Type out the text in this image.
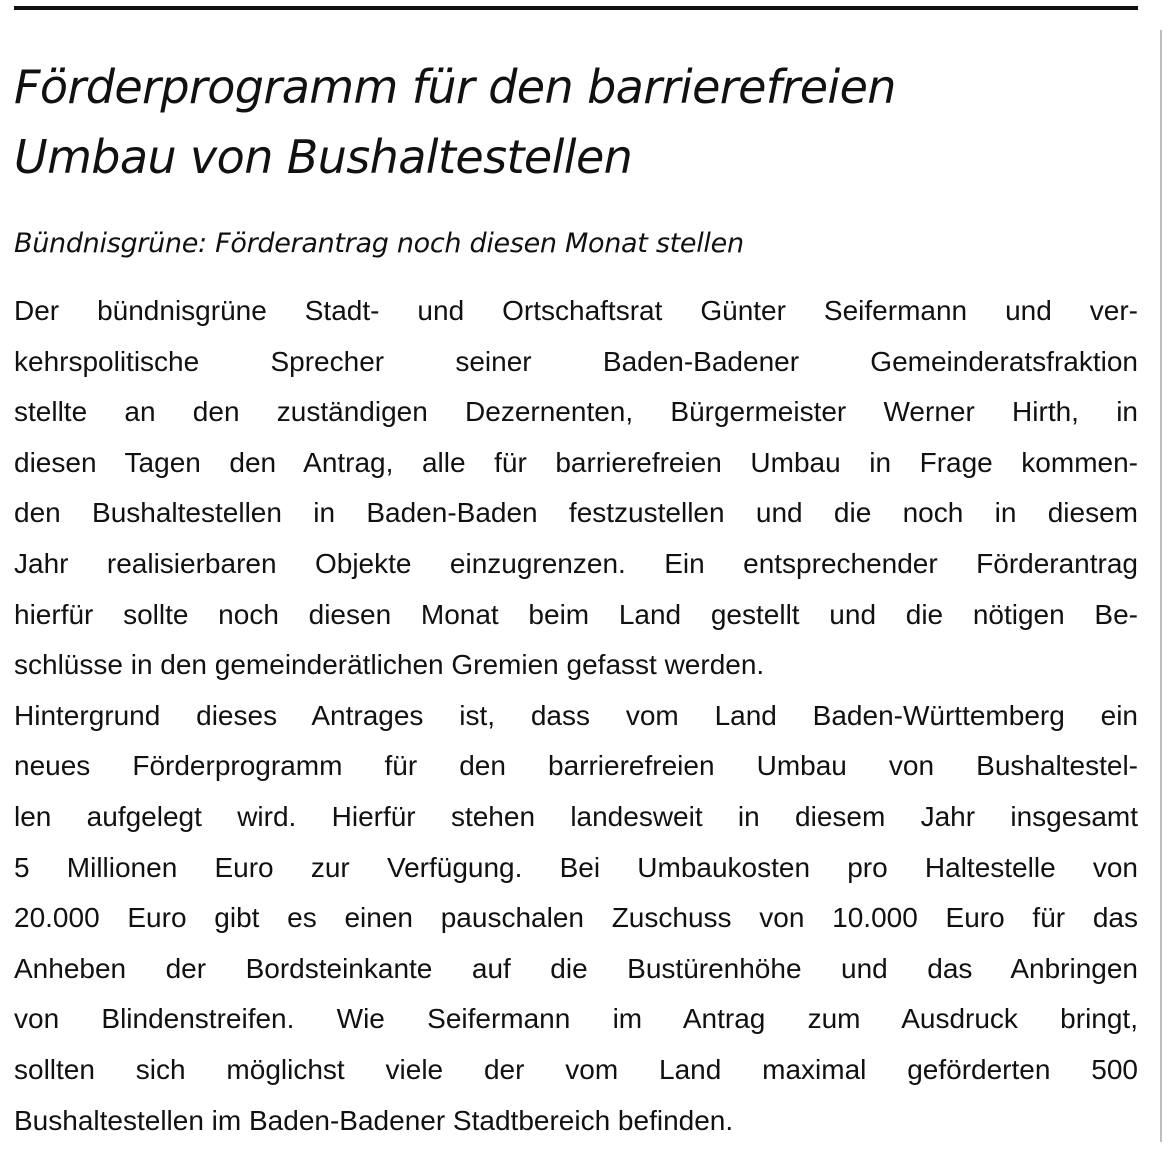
Förderprogramm für den barrierefreien
Umbau von Bushaltestellen
Bündnisgrüne: Förderantrag noch diesen Monat stellen
Der bündnisgrüne Stadt- und Ortschaftsrat Günter Seifermann und ver-
kehrspolitische Sprecher seiner Baden-Badener Gemeinderatsfraktion
stellte an den zuständigen Dezernenten, Bürgermeister Werner Hirth, in
diesen Tagen den Antrag, alle für barrierefreien Umbau in Frage kommen-
den Bushaltestellen in Baden-Baden festzustellen und die noch in diesem
Jahr realisierbaren Objekte einzugrenzen. Ein entsprechender Förderantrag
hierfür sollte noch diesen Monat beim Land gestellt und die nötigen Be-
schlüsse in den gemeinderätlichen Gremien gefasst werden.
Hintergrund dieses Antrages ist, dass vom Land Baden-Württemberg ein
neues Förderprogramm für den barrierefreien Umbau von Bushaltestel-
len aufgelegt wird. Hierfür stehen landesweit in diesem Jahr insgesamt
5 Millionen Euro zur Verfügung. Bei Umbaukosten pro Haltestelle von
20.000 Euro gibt es einen pauschalen Zuschuss von 10.000 Euro für das
Anheben der Bordsteinkante auf die Bustürenhöhe und das Anbringen
von Blindenstreifen. Wie Seifermann im Antrag zum Ausdruck bringt,
sollten sich möglichst viele der vom Land maximal geförderten 500
Bushaltestellen im Baden-Badener Stadtbereich befinden.
